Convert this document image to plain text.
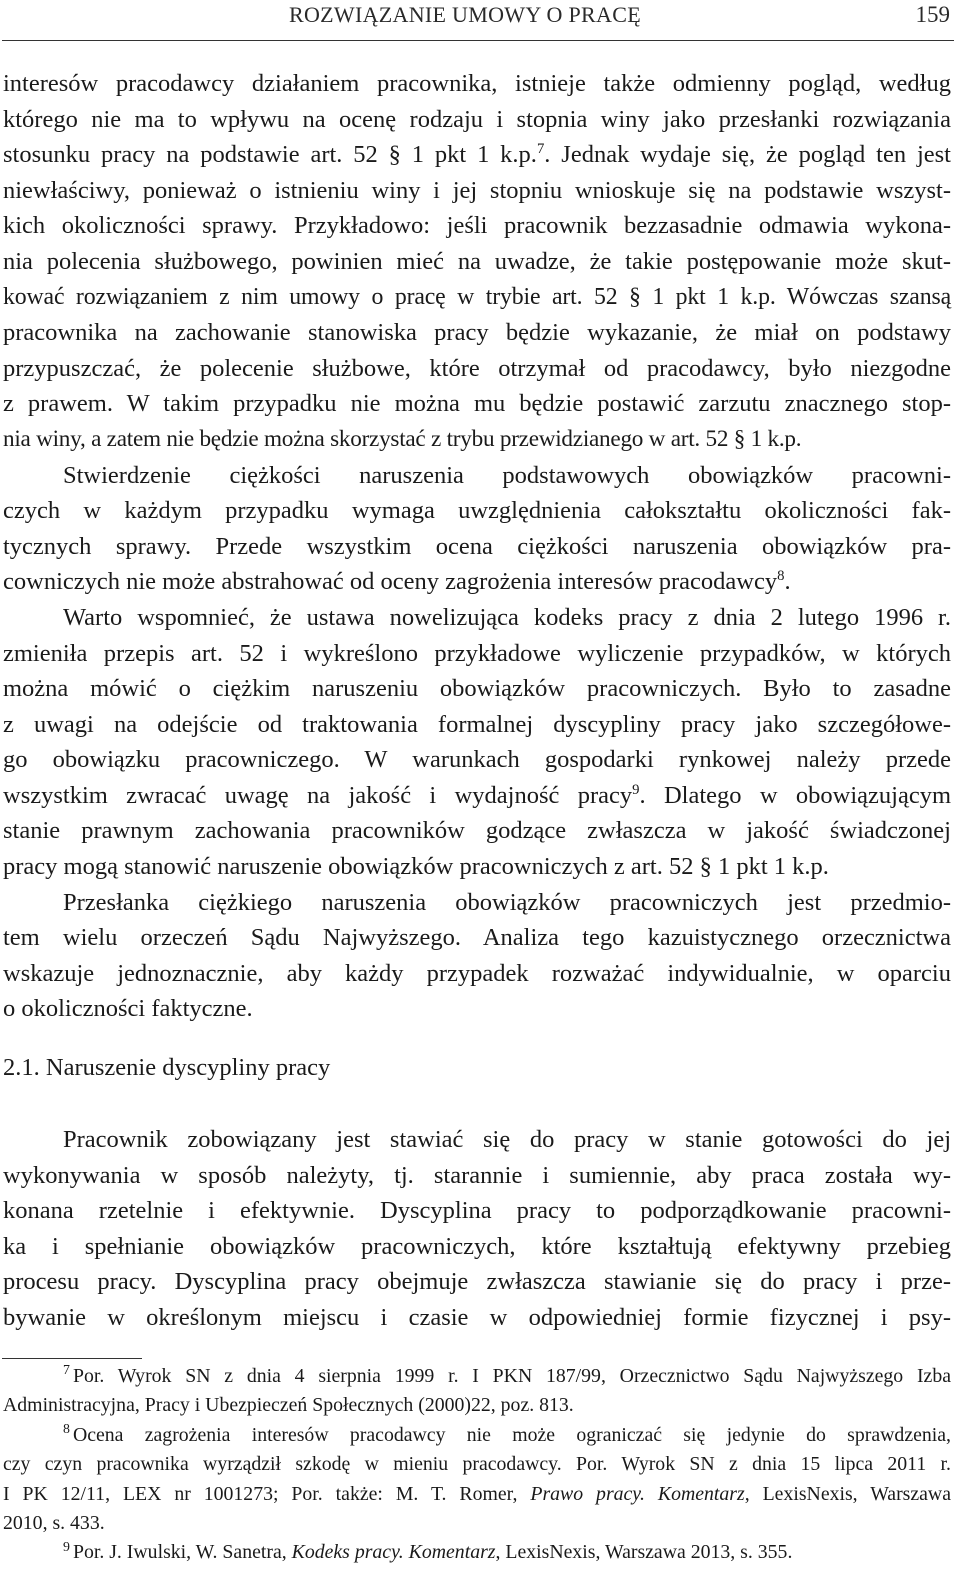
ROZWIĄZANIE UMOWY O PRACĘ	159
interesów pracodawcy działaniem pracownika, istnieje także odmienny pogląd, według
którego nie ma to wpływu na ocenę rodzaju i stopnia winy jako przesłanki rozwiązania
stosunku pracy na podstawie art. 52 § 1 pkt 1 k.p.$^7$. Jednak wydaje się, że pogląd ten jest
niewłaściwy, ponieważ o istnieniu winy i jej stopniu wnioskuje się na podstawie wszyst-
kich okoliczności sprawy. Przykładowo: jeśli pracownik bezzasadnie odmawia wykona-
nia polecenia służbowego, powinien mieć na uwadze, że takie postępowanie może skut-
kować rozwiązaniem z nim umowy o pracę w trybie art. 52 § 1 pkt 1 k.p. Wówczas szansą
pracownika na zachowanie stanowiska pracy będzie wykazanie, że miał on podstawy
przypuszczać, że polecenie służbowe, które otrzymał od pracodawcy, było niezgodne
z prawem. W takim przypadku nie można mu będzie postawić zarzutu znacznego stop-
nia winy, a zatem nie będzie można skorzystać z trybu przewidzianego w art. 52 § 1 k.p.
Stwierdzenie ciężkości naruszenia podstawowych obowiązków pracowni-
czych w każdym przypadku wymaga uwzględnienia całokształtu okoliczności fak-
tycznych sprawy. Przede wszystkim ocena ciężkości naruszenia obowiązków pra-
cowniczych nie może abstrahować od oceny zagrożenia interesów pracodawcy$^8$.
Warto wspomnieć, że ustawa nowelizująca kodeks pracy z dnia 2 lutego 1996 r.
zmieniła przepis art. 52 i wykreślono przykładowe wyliczenie przypadków, w których
można mówić o ciężkim naruszeniu obowiązków pracowniczych. Było to zasadne
z uwagi na odejście od traktowania formalnej dyscypliny pracy jako szczegółowe-
go obowiązku pracowniczego. W warunkach gospodarki rynkowej należy przede
wszystkim zwracać uwagę na jakość i wydajność pracy$^9$. Dlatego w obowiązującym
stanie prawnym zachowania pracowników godzące zwłaszcza w jakość świadczonej
pracy mogą stanowić naruszenie obowiązków pracowniczych z art. 52 § 1 pkt 1 k.p.
Przesłanka ciężkiego naruszenia obowiązków pracowniczych jest przedmio-
tem wielu orzeczeń Sądu Najwyższego. Analiza tego kazuistycznego orzecznictwa
wskazuje jednoznacznie, aby każdy przypadek rozważać indywidualnie, w oparciu
o okoliczności faktyczne.
2.1. Naruszenie dyscypliny pracy
Pracownik zobowiązany jest stawiać się do pracy w stanie gotowości do jej
wykonywania w sposób należyty, tj. starannie i sumiennie, aby praca została wy-
konana rzetelnie i efektywnie. Dyscyplina pracy to podporządkowanie pracowni-
ka i spełnianie obowiązków pracowniczych, które kształtują efektywny przebieg
procesu pracy. Dyscyplina pracy obejmuje zwłaszcza stawianie się do pracy i prze-
bywanie w określonym miejscu i czasie w odpowiedniej formie fizycznej i psy-
$^7$ Por. Wyrok SN z dnia 4 sierpnia 1999 r. I PKN 187/99, Orzecznictwo Sądu Najwyższego Izba
Administracyjna, Pracy i Ubezpieczeń Społecznych (2000)22, poz. 813.
$^8$ Ocena zagrożenia interesów pracodawcy nie może ograniczać się jedynie do sprawdzenia,
czy czyn pracownika wyrządził szkodę w mieniu pracodawcy. Por. Wyrok SN z dnia 15 lipca 2011 r.
I PK 12/11, LEX nr 1001273; Por. także: M. T. Romer, Prawo pracy. Komentarz, LexisNexis, Warszawa
2010, s. 433.
$^9$ Por. J. Iwulski, W. Sanetra, Kodeks pracy. Komentarz, LexisNexis, Warszawa 2013, s. 355.
